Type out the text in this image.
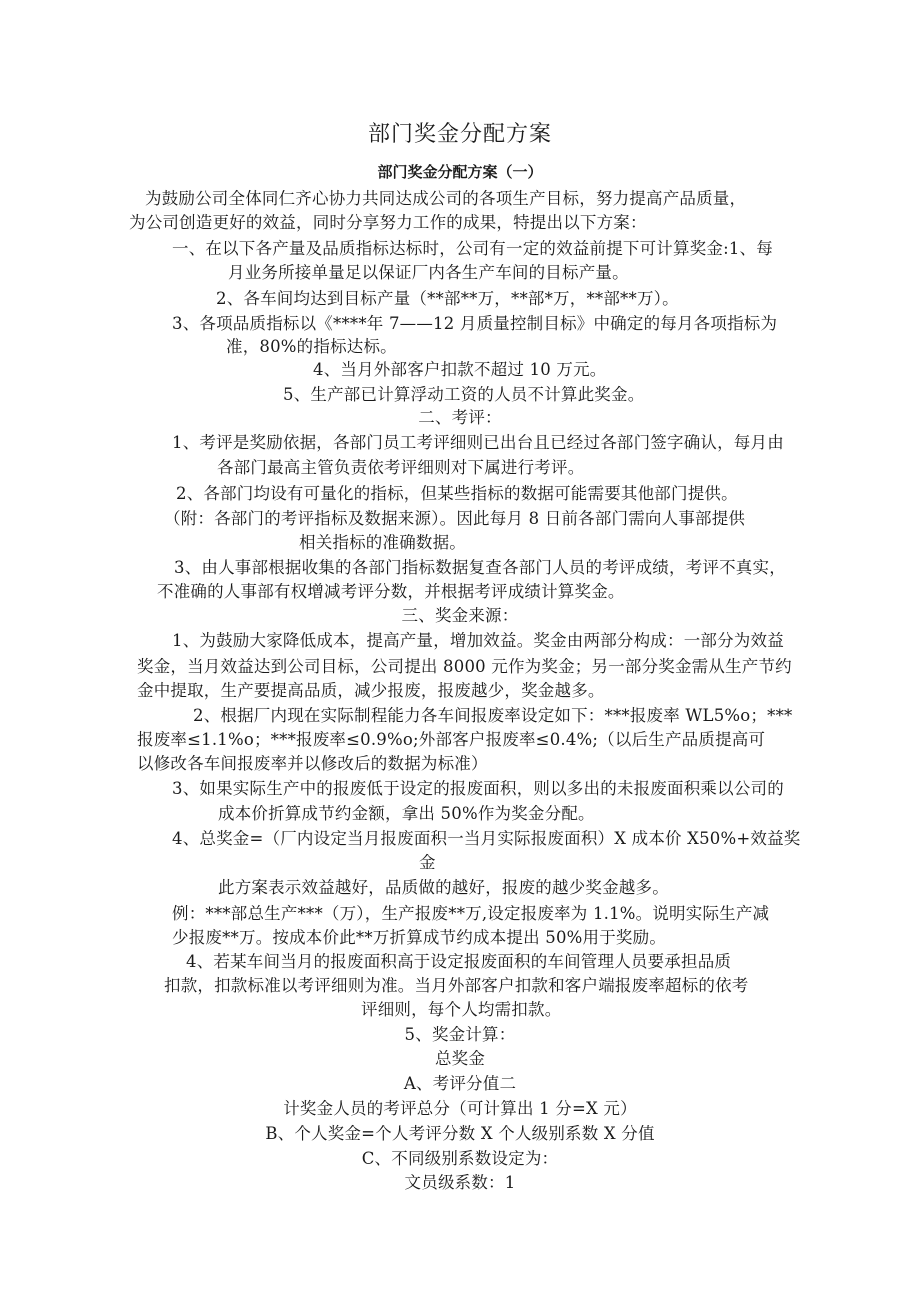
部门奖金分配方案
部门奖金分配方案（一）
为鼓励公司全体同仁齐心协力共同达成公司的各项生产目标，努力提高产品质量，
为公司创造更好的效益，同时分享努力工作的成果，特提出以下方案：
一、在以下各产量及品质指标达标时，公司有一定的效益前提下可计算奖金:1、每
月业务所接单量足以保证厂内各生产车间的目标产量。
2、各车间均达到目标产量（**部**万，**部*万，**部**万）。
3、各项品质指标以《****年 7——12 月质量控制目标》中确定的每月各项指标为
准，80%的指标达标。
4、当月外部客户扣款不超过 10 万元。
5、生产部已计算浮动工资的人员不计算此奖金。
二、考评：
1、考评是奖励依据，各部门员工考评细则已出台且已经过各部门签字确认，每月由
各部门最高主管负责依考评细则对下属进行考评。
2、各部门均设有可量化的指标，但某些指标的数据可能需要其他部门提供。
（附：各部门的考评指标及数据来源）。因此每月 8 日前各部门需向人事部提供
相关指标的准确数据。
3、由人事部根据收集的各部门指标数据复查各部门人员的考评成绩，考评不真实，
不准确的人事部有权增减考评分数，并根据考评成绩计算奖金。
三、奖金来源：
1、为鼓励大家降低成本，提高产量，增加效益。奖金由两部分构成：一部分为效益
奖金，当月效益达到公司目标，公司提出 8000 元作为奖金；另一部分奖金需从生产节约
金中提取，生产要提高品质，减少报废，报废越少，奖金越多。
2、根据厂内现在实际制程能力各车间报废率设定如下：***报废率 WL5%o；***
报废率≤1.1%o；***报废率≤0.9%o;外部客户报废率≤0.4%;（以后生产品质提高可
以修改各车间报废率并以修改后的数据为标准）
3、如果实际生产中的报废低于设定的报废面积，则以多出的未报废面积乘以公司的
成本价折算成节约金额，拿出 50%作为奖金分配。
4、总奖金=（厂内设定当月报废面积一当月实际报废面积）X 成本价 X50%+效益奖
金
此方案表示效益越好，品质做的越好，报废的越少奖金越多。
例：***部总生产***（万），生产报废**万,设定报废率为 1.1%。说明实际生产减
少报废**万。按成本价此**万折算成节约成本提出 50%用于奖励。
4、若某车间当月的报废面积高于设定报废面积的车间管理人员要承担品质
扣款，扣款标准以考评细则为准。当月外部客户扣款和客户端报废率超标的依考
评细则，每个人均需扣款。
5、奖金计算：
总奖金
A、考评分值二
计奖金人员的考评总分（可计算出 1 分=X 元）
B、个人奖金=个人考评分数 X 个人级别系数 X 分值
C、不同级别系数设定为：
文员级系数：1
